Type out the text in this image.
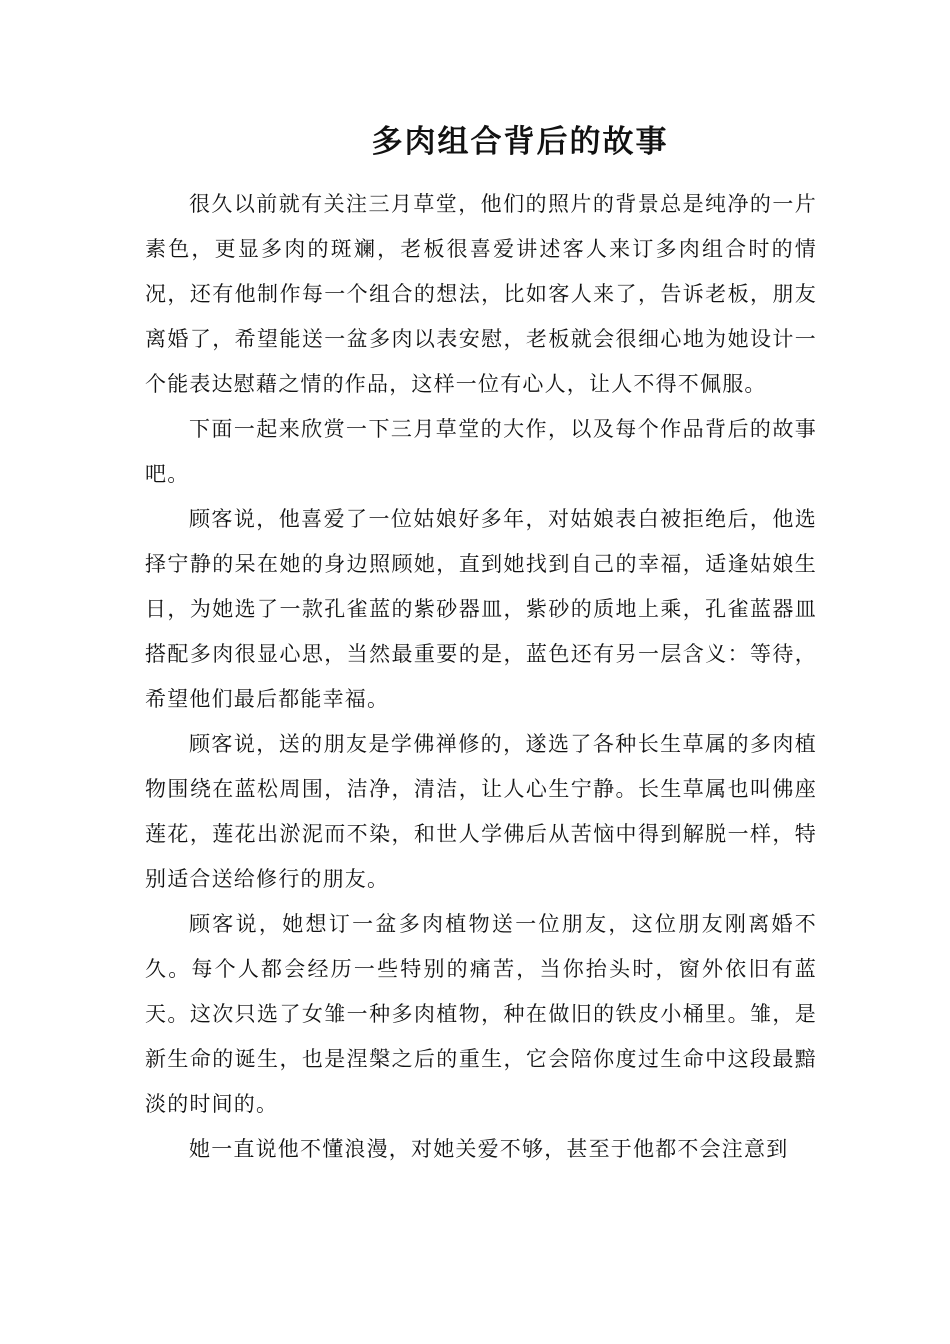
多肉组合背后的故事

很久以前就有关注三月草堂，他们的照片的背景总是纯净的一片素色，更显多肉的斑斓，老板很喜爱讲述客人来订多肉组合时的情况，还有他制作每一个组合的想法，比如客人来了，告诉老板，朋友离婚了，希望能送一盆多肉以表安慰，老板就会很细心地为她设计一个能表达慰藉之情的作品，这样一位有心人，让人不得不佩服。

下面一起来欣赏一下三月草堂的大作，以及每个作品背后的故事吧。

顾客说，他喜爱了一位姑娘好多年，对姑娘表白被拒绝后，他选择宁静的呆在她的身边照顾她，直到她找到自己的幸福，适逢姑娘生日，为她选了一款孔雀蓝的紫砂器皿，紫砂的质地上乘，孔雀蓝器皿搭配多肉很显心思，当然最重要的是，蓝色还有另一层含义：等待，希望他们最后都能幸福。

顾客说，送的朋友是学佛禅修的，遂选了各种长生草属的多肉植物围绕在蓝松周围，洁净，清洁，让人心生宁静。长生草属也叫佛座莲花，莲花出淤泥而不染，和世人学佛后从苦恼中得到解脱一样，特别适合送给修行的朋友。

顾客说，她想订一盆多肉植物送一位朋友，这位朋友刚离婚不久。每个人都会经历一些特别的痛苦，当你抬头时，窗外依旧有蓝天。这次只选了女雏一种多肉植物，种在做旧的铁皮小桶里。雏，是新生命的诞生，也是涅槃之后的重生，它会陪你度过生命中这段最黯淡的时间的。

她一直说他不懂浪漫，对她关爱不够，甚至于他都不会注意到
